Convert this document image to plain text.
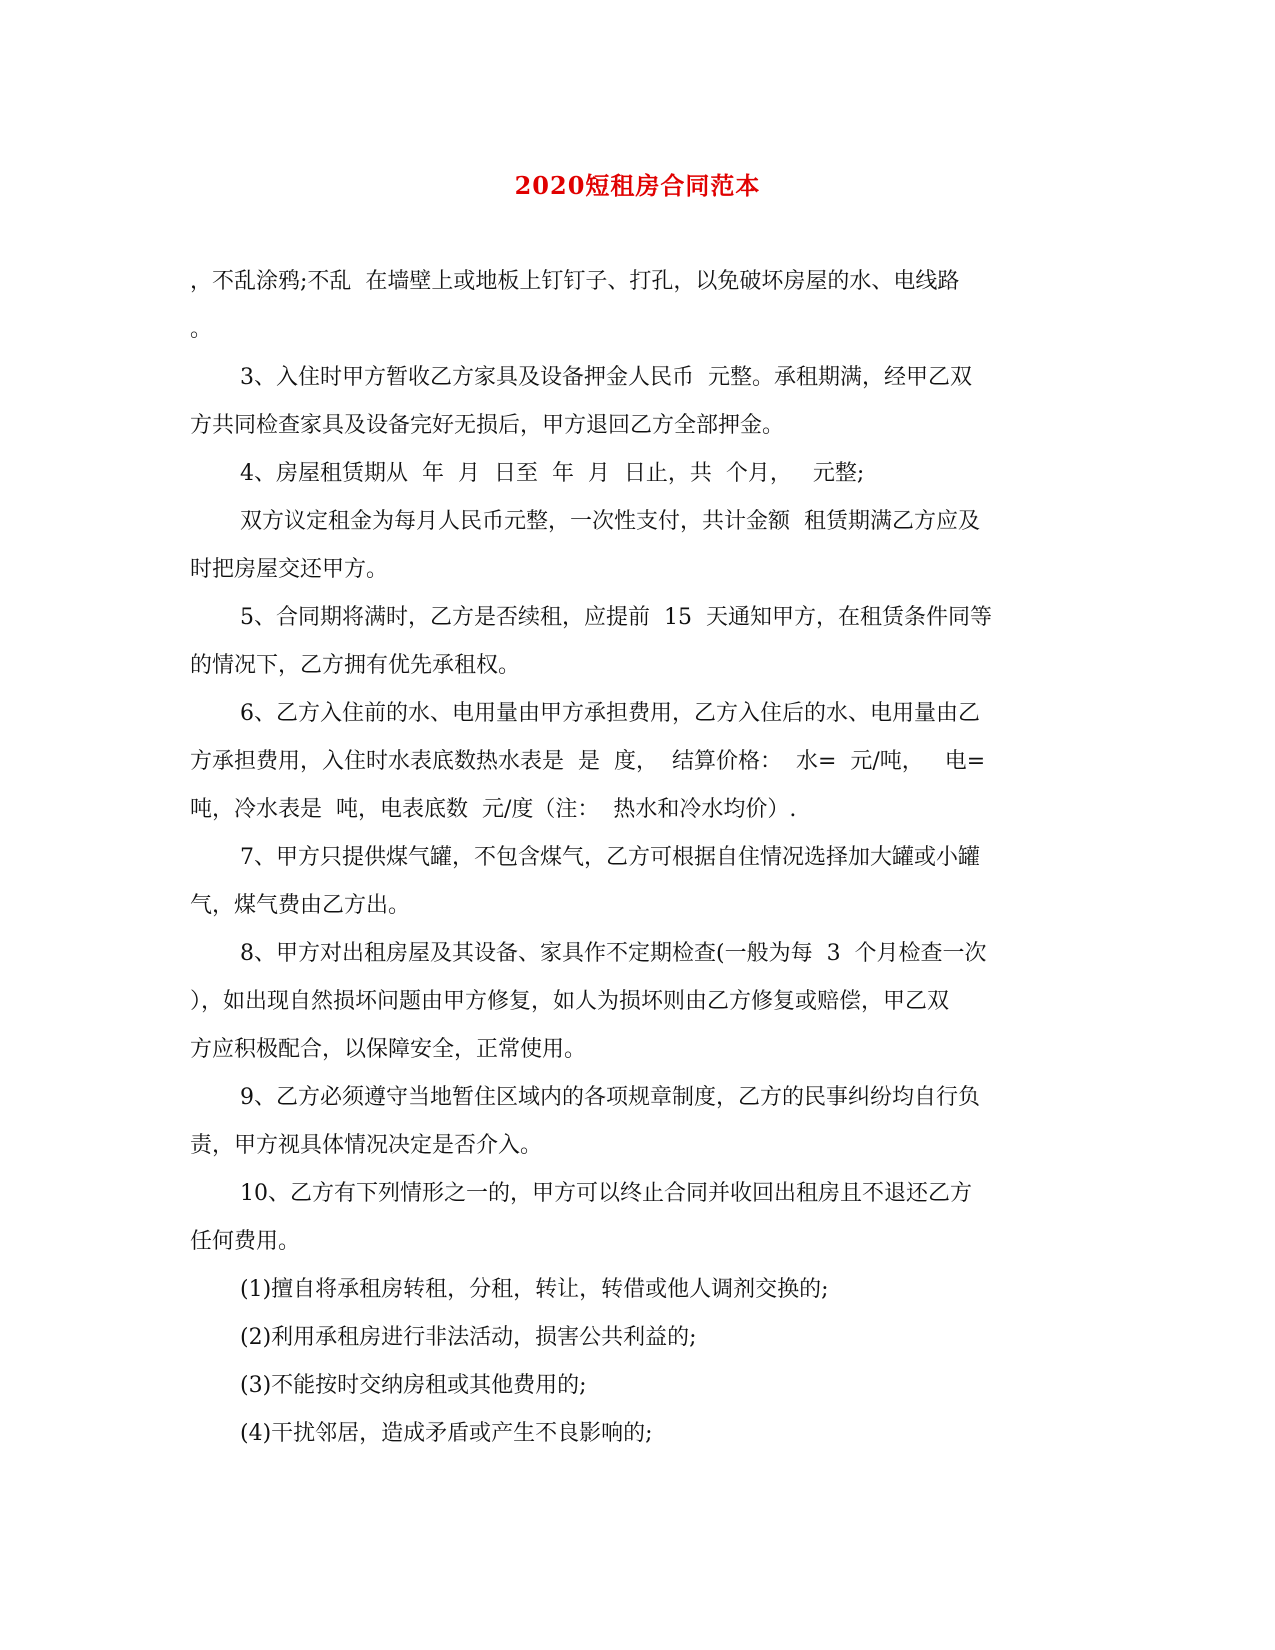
2020短租房合同范本
，不乱涂鸦;不乱  在墙壁上或地板上钉钉子、打孔，以免破坏房屋的水、电线路
。
3、入住时甲方暂收乙方家具及设备押金人民币  元整。承租期满，经甲乙双
方共同检查家具及设备完好无损后，甲方退回乙方全部押金。
4、房屋租赁期从  年  月  日至  年  月  日止，共  个月，   元整;
双方议定租金为每月人民币元整，一次性支付，共计金额  租赁期满乙方应及
时把房屋交还甲方。
5、合同期将满时，乙方是否续租，应提前  15  天通知甲方，在租赁条件同等
的情况下，乙方拥有优先承租权。
6、乙方入住前的水、电用量由甲方承担费用，乙方入住后的水、电用量由乙
方承担费用，入住时水表底数热水表是  是  度，  结算价格：  水=  元/吨，   电=
吨，冷水表是  吨，电表底数  元/度（注：  热水和冷水均价）.
7、甲方只提供煤气罐，不包含煤气，乙方可根据自住情况选择加大罐或小罐
气，煤气费由乙方出。
8、甲方对出租房屋及其设备、家具作不定期检查(一般为每  3  个月检查一次
），如出现自然损坏问题由甲方修复，如人为损坏则由乙方修复或赔偿，甲乙双
方应积极配合，以保障安全，正常使用。
9、乙方必须遵守当地暂住区域内的各项规章制度，乙方的民事纠纷均自行负
责，甲方视具体情况决定是否介入。
10、乙方有下列情形之一的，甲方可以终止合同并收回出租房且不退还乙方
任何费用。
(1)擅自将承租房转租，分租，转让，转借或他人调剂交换的;
(2)利用承租房进行非法活动，损害公共利益的;
(3)不能按时交纳房租或其他费用的;
(4)干扰邻居，造成矛盾或产生不良影响的;
